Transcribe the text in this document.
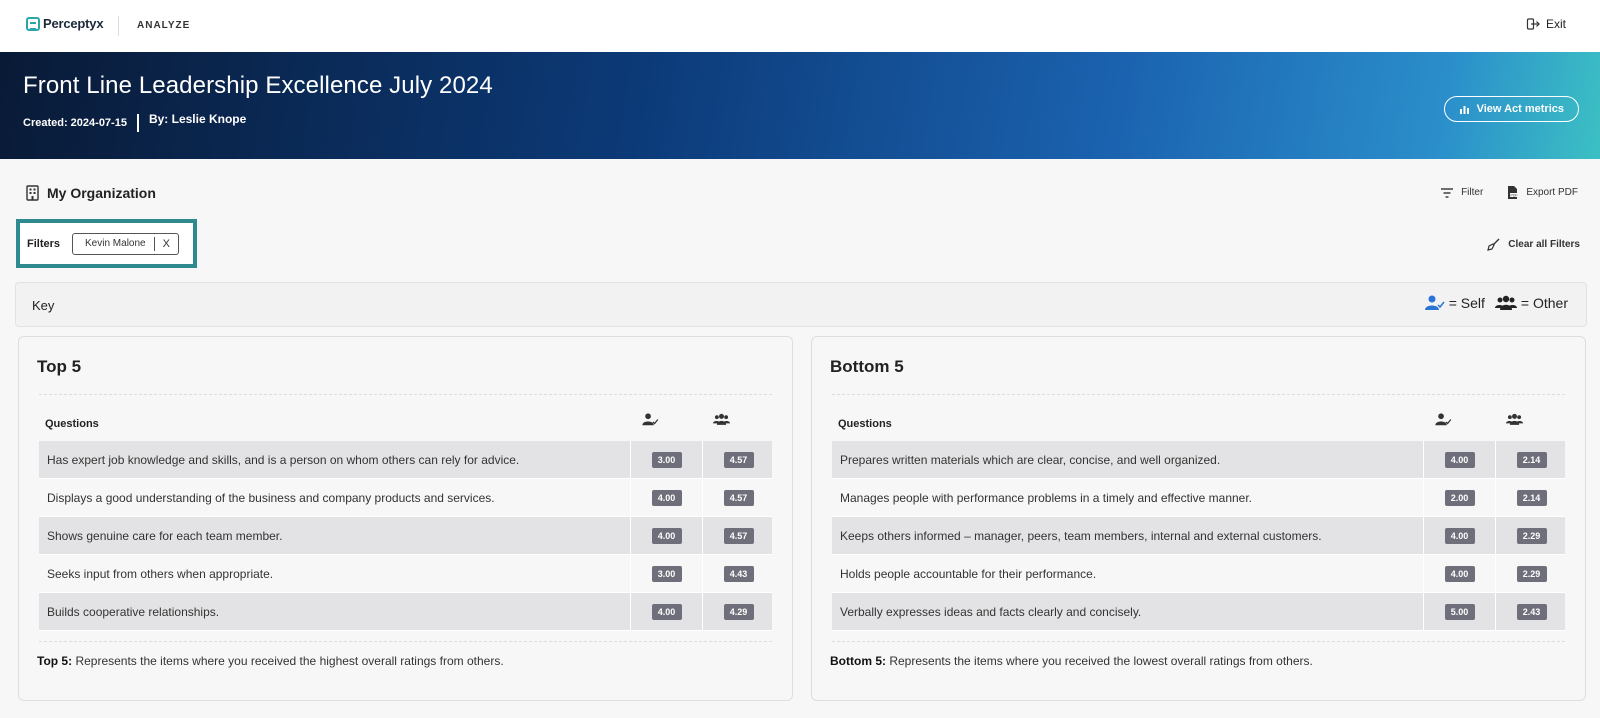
Perceptyx	ANALYZE	Exit
Front Line Leadership Excellence July 2024
Created: 2024-07-15 By: Leslie Knope
View Act metrics
My Organization	Filter	PDF Export PDF
Filters	Kevin Malone	X	Clear all Filters
Key	= Self	= Other
Top 5
Questions
Has expert job knowledge and skills, and is a person on whom others can rely for advice.	3.00	4.57
Displays a good understanding of the business and company products and services.	4.00	4.57
Shows genuine care for each team member.	4.00	4.57
Seeks input from others when appropriate.	3.00	4.43
Builds cooperative relationships.	4.00	4.29

Top 5: Represents the items where you received the highest overall ratings from others.

Bottom 5
Questions
Prepares written materials which are clear, concise, and well organized.	4.00	2.14
Manages people with performance problems in a timely and effective manner.	2.00	2.14
Keeps others informed – manager, peers, team members, internal and external customers.	4.00	2.29
Holds people accountable for their performance.	4.00	2.29
Verbally expresses ideas and facts clearly and concisely.	5.00	2.43

Bottom 5: Represents the items where you received the lowest overall ratings from others.
